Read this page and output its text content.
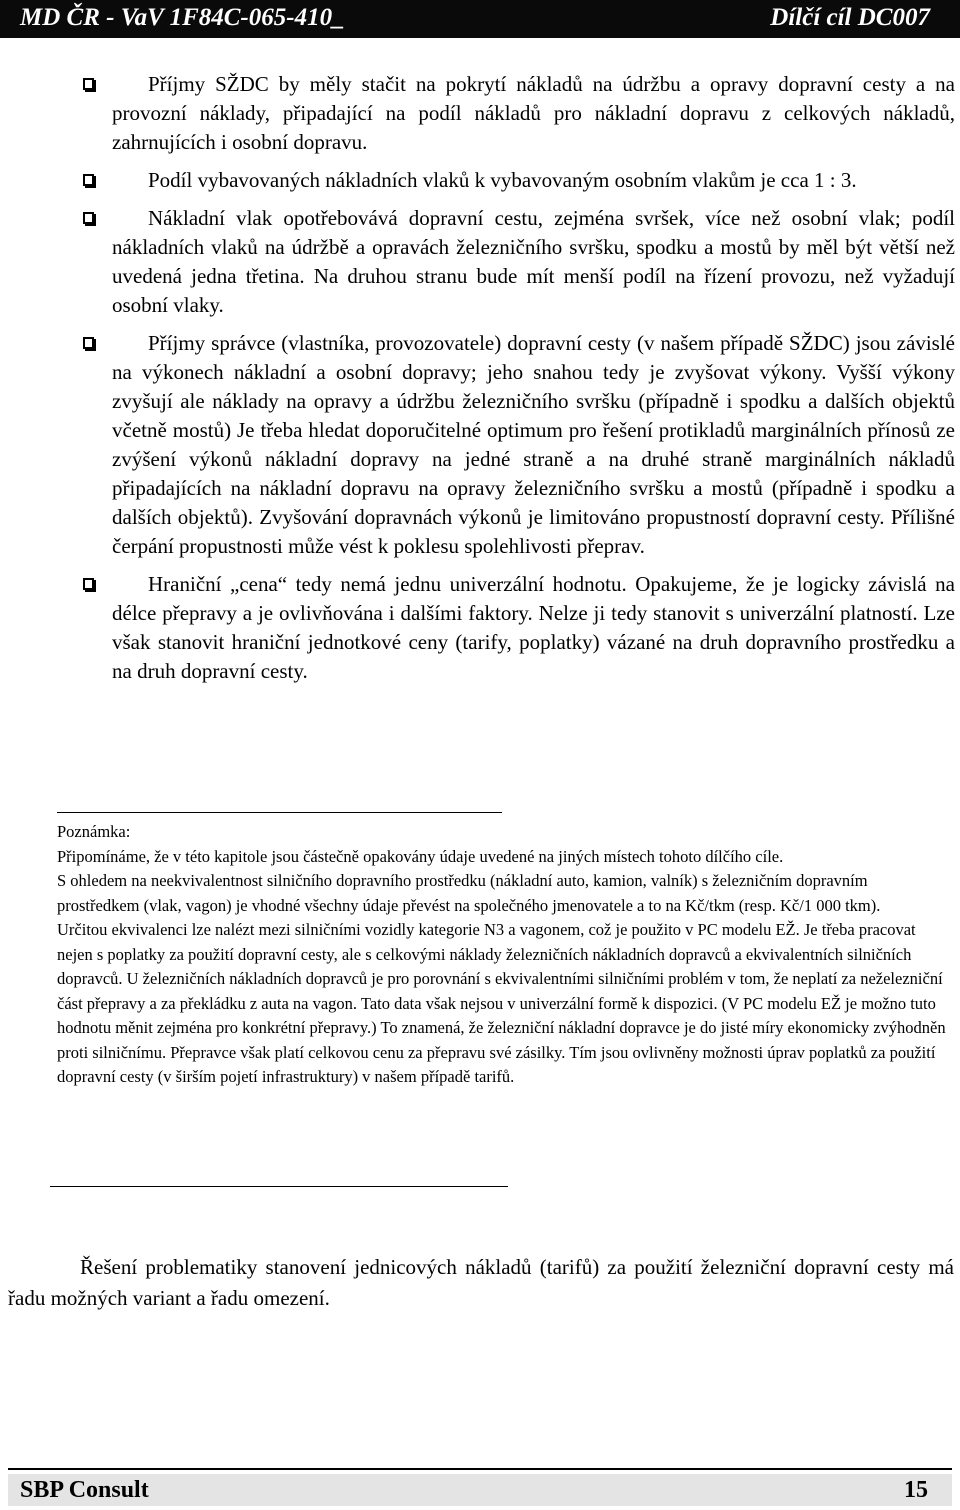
MD ČR - VaV 1F84C-065-410_	Dílčí cíl DC007
Příjmy SŽDC by měly stačit na pokrytí nákladů na údržbu a opravy dopravní cesty a na provozní náklady, připadající na podíl nákladů pro nákladní dopravu z celkových nákladů, zahrnujících i osobní dopravu.
Podíl vybavovaných nákladních vlaků k vybavovaným osobním vlakům je cca 1 : 3.
Nákladní vlak opotřebovává dopravní cestu, zejména svršek, více než osobní vlak; podíl nákladních vlaků na údržbě a opravách železničního svršku, spodku a mostů by měl být větší než uvedená jedna třetina. Na druhou stranu bude mít menší podíl na řízení provozu, než vyžadují osobní vlaky.
Příjmy správce (vlastníka, provozovatele) dopravní cesty (v našem případě SŽDC) jsou závislé na výkonech nákladní a osobní dopravy; jeho snahou tedy je zvyšovat výkony. Vyšší výkony zvyšují ale náklady na opravy a údržbu železničního svršku (případně i spodku a dalších objektů včetně mostů) Je třeba hledat doporučitelné optimum pro řešení protikladů marginálních přínosů ze zvýšení výkonů nákladní dopravy na jedné straně a na druhé straně marginálních nákladů připadajících na nákladní dopravu na opravy železničního svršku a mostů (případně i spodku a dalších objektů). Zvyšování dopravnách výkonů je limitováno propustností dopravní cesty. Přílišné čerpání propustnosti může vést k poklesu spolehlivosti přeprav.
Hraniční „cena“ tedy nemá jednu univerzální hodnotu. Opakujeme, že je logicky závislá na délce přepravy a je ovlivňována i dalšími faktory. Nelze ji tedy stanovit s univerzální platností. Lze však stanovit hraniční jednotkové ceny (tarify, poplatky) vázané na druh dopravního prostředku a na druh dopravní cesty.

Poznámka:

Připomínáme, že v této kapitole jsou částečně opakovány údaje uvedené na jiných místech tohoto dílčího cíle.

S ohledem na neekvivalentnost silničního dopravního prostředku (nákladní auto, kamion, valník) s železničním dopravním prostředkem (vlak, vagon) je vhodné všechny údaje převést na společného jmenovatele a to na Kč/tkm (resp. Kč/1 000 tkm).

Určitou ekvivalenci lze nalézt mezi silničními vozidly kategorie N3 a vagonem, což je použito v PC modelu EŽ. Je třeba pracovat nejen s poplatky za použití dopravní cesty, ale s celkovými náklady železničních nákladních dopravců a ekvivalentních silničních dopravců. U železničních nákladních dopravců je pro porovnání s ekvivalentními silničními problém v tom, že neplatí za neželezniční část přepravy a za překládku z auta na vagon. Tato data však nejsou v univerzální formě k dispozici. (V PC modelu EŽ je možno tuto hodnotu měnit zejména pro konkrétní přepravy.) To znamená, že železniční nákladní dopravce je do jisté míry ekonomicky zvýhodněn proti silničnímu. Přepravce však platí celkovou cenu za přepravu své zásilky. Tím jsou ovlivněny možnosti úprav poplatků za použití dopravní cesty (v širším pojetí infrastruktury) v našem případě tarifů.

Řešení problematiky stanovení jednicových nákladů (tarifů) za použití železniční dopravní cesty má řadu možných variant a řadu omezení.

SBP Consult	15
